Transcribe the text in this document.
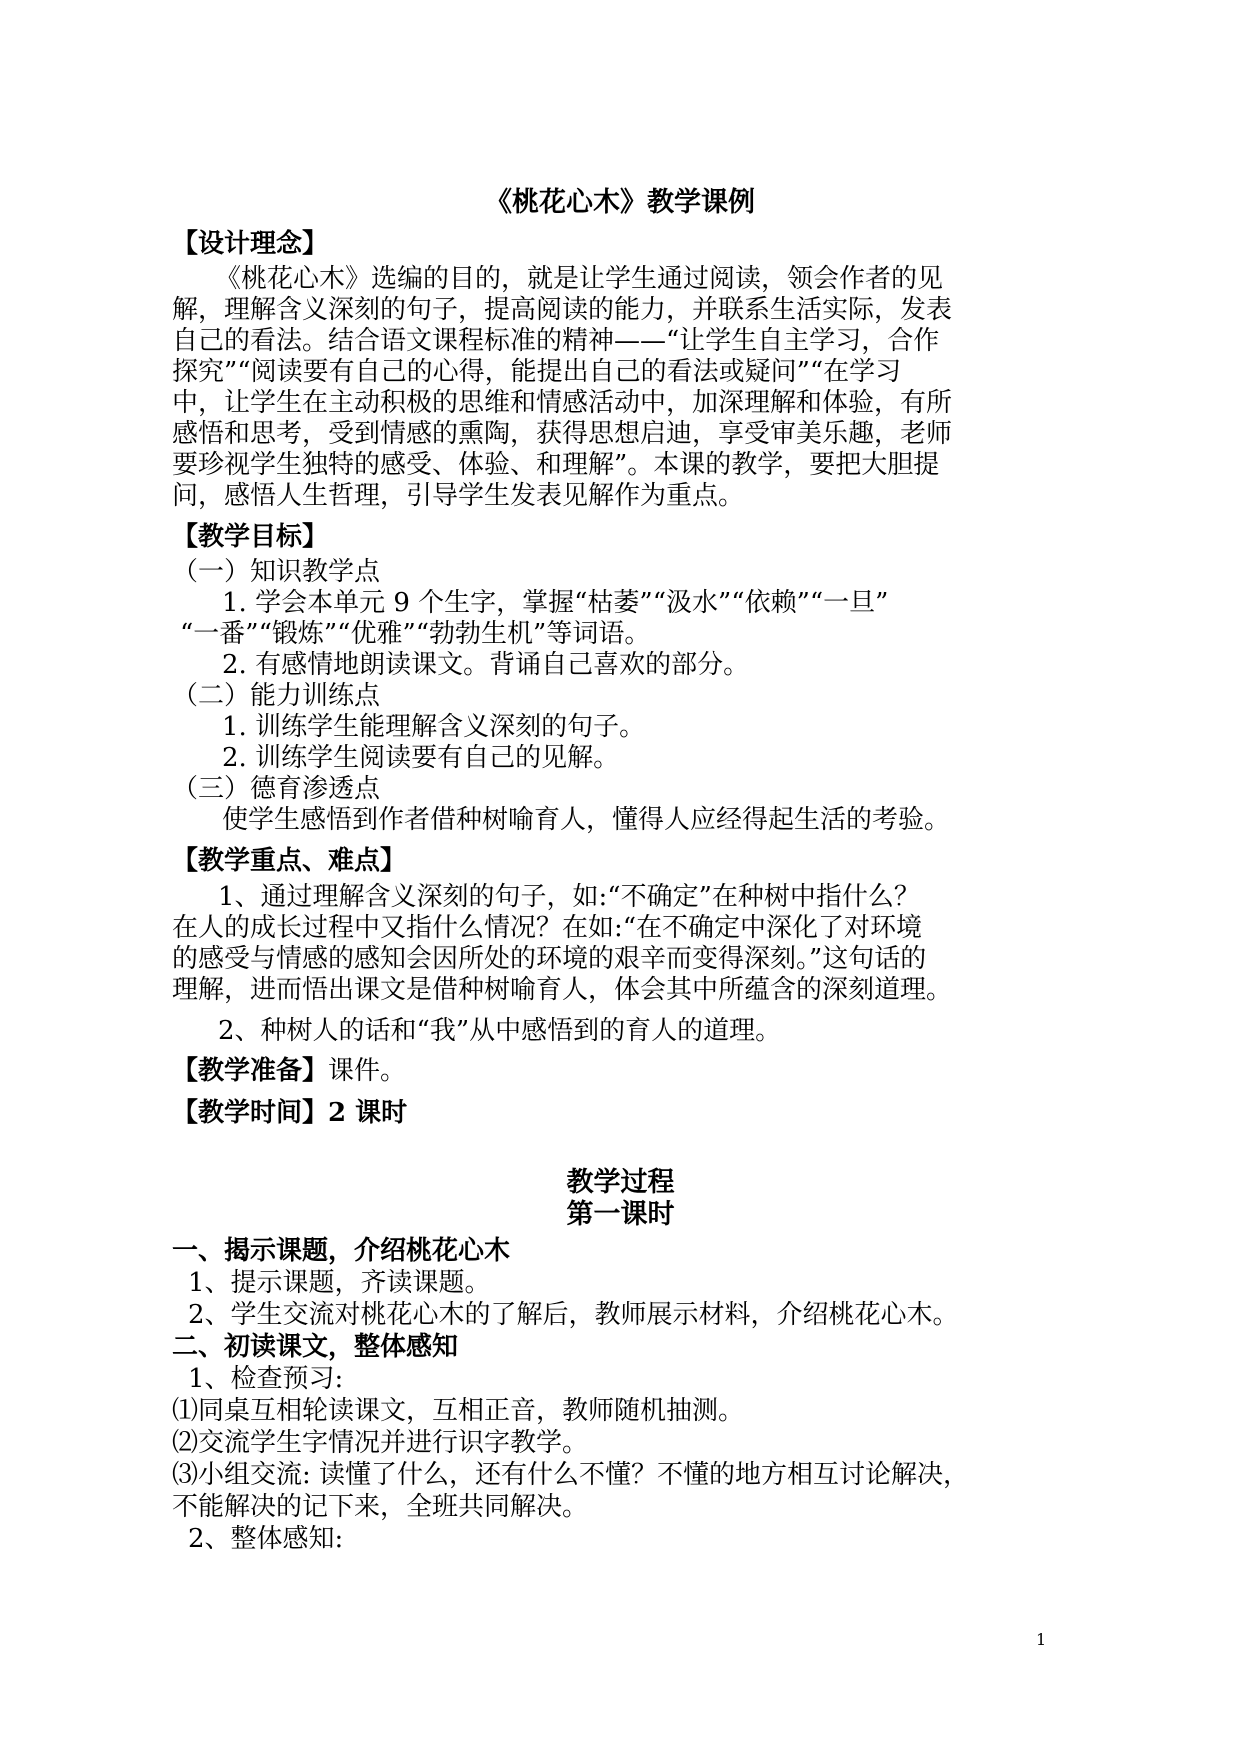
《桃花心木》教学课例
【设计理念】
《桃花心木》选编的目的，就是让学生通过阅读，领会作者的见
解，理解含义深刻的句子，提高阅读的能力，并联系生活实际，发表
自己的看法。结合语文课程标准的精神——“让学生自主学习，合作
探究”“阅读要有自己的心得，能提出自己的看法或疑问”“在学习
中，让学生在主动积极的思维和情感活动中，加深理解和体验，有所
感悟和思考，受到情感的熏陶，获得思想启迪，享受审美乐趣，老师
要珍视学生独特的感受、体验、和理解”。本课的教学，要把大胆提
问，感悟人生哲理，引导学生发表见解作为重点。
【教学目标】
（一）知识教学点
1. 学会本单元 9 个生字，掌握“枯萎”“汲水”“依赖”“一旦”
“一番”“锻炼”“优雅”“勃勃生机”等词语。
2. 有感情地朗读课文。背诵自己喜欢的部分。
（二）能力训练点
1. 训练学生能理解含义深刻的句子。
2. 训练学生阅读要有自己的见解。
（三）德育渗透点
使学生感悟到作者借种树喻育人，懂得人应经得起生活的考验。
【教学重点、难点】
1、通过理解含义深刻的句子，如:“不确定”在种树中指什么？
在人的成长过程中又指什么情况？在如:“在不确定中深化了对环境
的感受与情感的感知会因所处的环境的艰辛而变得深刻。”这句话的
理解，进而悟出课文是借种树喻育人，体会其中所蕴含的深刻道理。
2、种树人的话和“我”从中感悟到的育人的道理。
【教学准备】课件。
【教学时间】2 课时
教学过程
第一课时
一、揭示课题，介绍桃花心木
1、提示课题，齐读课题。
2、学生交流对桃花心木的了解后，教师展示材料，介绍桃花心木。
二、初读课文，整体感知
1、检查预习:
⑴同桌互相轮读课文，互相正音，教师随机抽测。
⑵交流学生字情况并进行识字教学。
⑶小组交流: 读懂了什么，还有什么不懂？不懂的地方相互讨论解决，
不能解决的记下来，全班共同解决。
2、整体感知:
1
